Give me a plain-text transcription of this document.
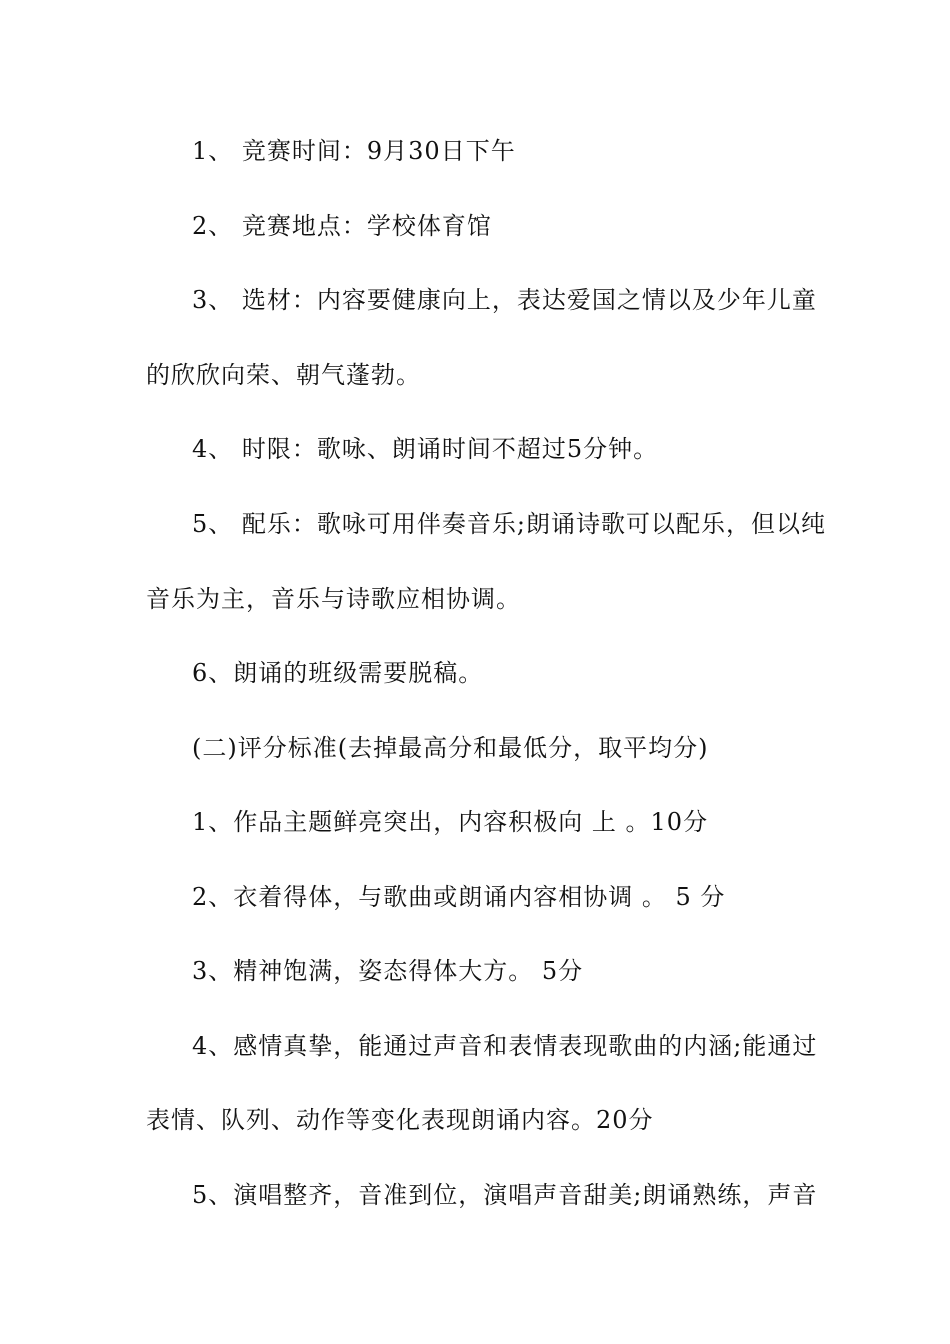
1、 竞赛时间：9月30日下午
2、 竞赛地点：学校体育馆
3、 选材：内容要健康向上，表达爱国之情以及少年儿童
的欣欣向荣、朝气蓬勃。
4、 时限：歌咏、朗诵时间不超过5分钟。
5、 配乐：歌咏可用伴奏音乐;朗诵诗歌可以配乐，但以纯
音乐为主，音乐与诗歌应相协调。
6、朗诵的班级需要脱稿。
(二)评分标准(去掉最高分和最低分，取平均分)
1、作品主题鲜亮突出，内容积极向 上 。10分
2、衣着得体，与歌曲或朗诵内容相协调 。 5 分
3、精神饱满，姿态得体大方。 5分
4、感情真挚，能通过声音和表情表现歌曲的内涵;能通过
表情、队列、动作等变化表现朗诵内容。20分
5、演唱整齐，音准到位，演唱声音甜美;朗诵熟练，声音
